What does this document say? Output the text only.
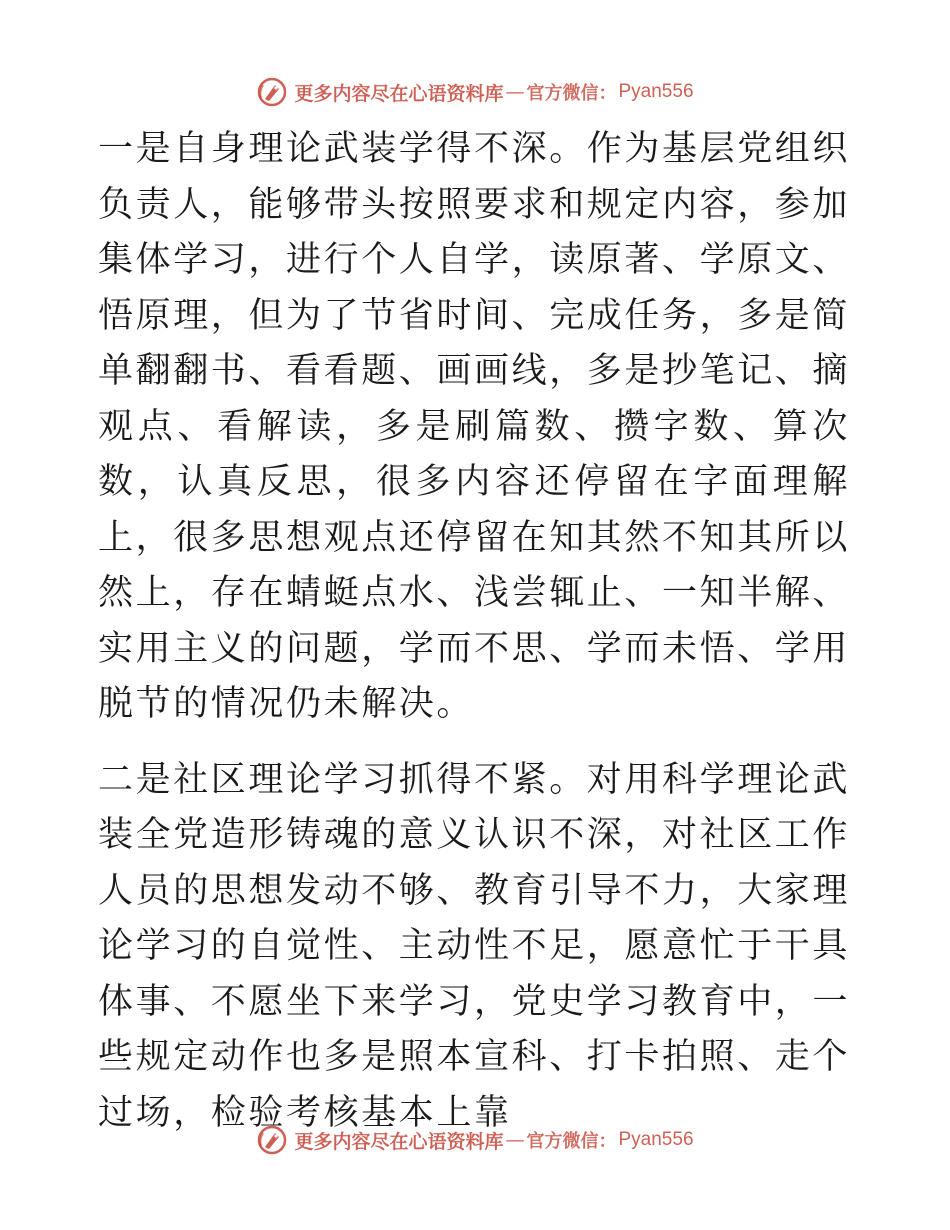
更多内容尽在心语资料库 — 官方微信： Pyan556

一是自身理论武装学得不深。作为基层党组织负责人，能够带头按照要求和规定内容，参加集体学习，进行个人自学，读原著、学原文、悟原理，但为了节省时间、完成任务，多是简单翻翻书、看看题、画画线，多是抄笔记、摘观点、看解读，多是刷篇数、攒字数、算次数，认真反思，很多内容还停留在字面理解上，很多思想观点还停留在知其然不知其所以然上，存在蜻蜓点水、浅尝辄止、一知半解、实用主义的问题，学而不思、学而未悟、学用脱节的情况仍未解决。

二是社区理论学习抓得不紧。对用科学理论武装全党造形铸魂的意义认识不深，对社区工作人员的思想发动不够、教育引导不力，大家理论学习的自觉性、主动性不足，愿意忙于干具体事、不愿坐下来学习，党史学习教育中，一些规定动作也多是照本宣科、打卡拍照、走个过场，检验考核基本上靠

更多内容尽在心语资料库 — 官方微信： Pyan556
